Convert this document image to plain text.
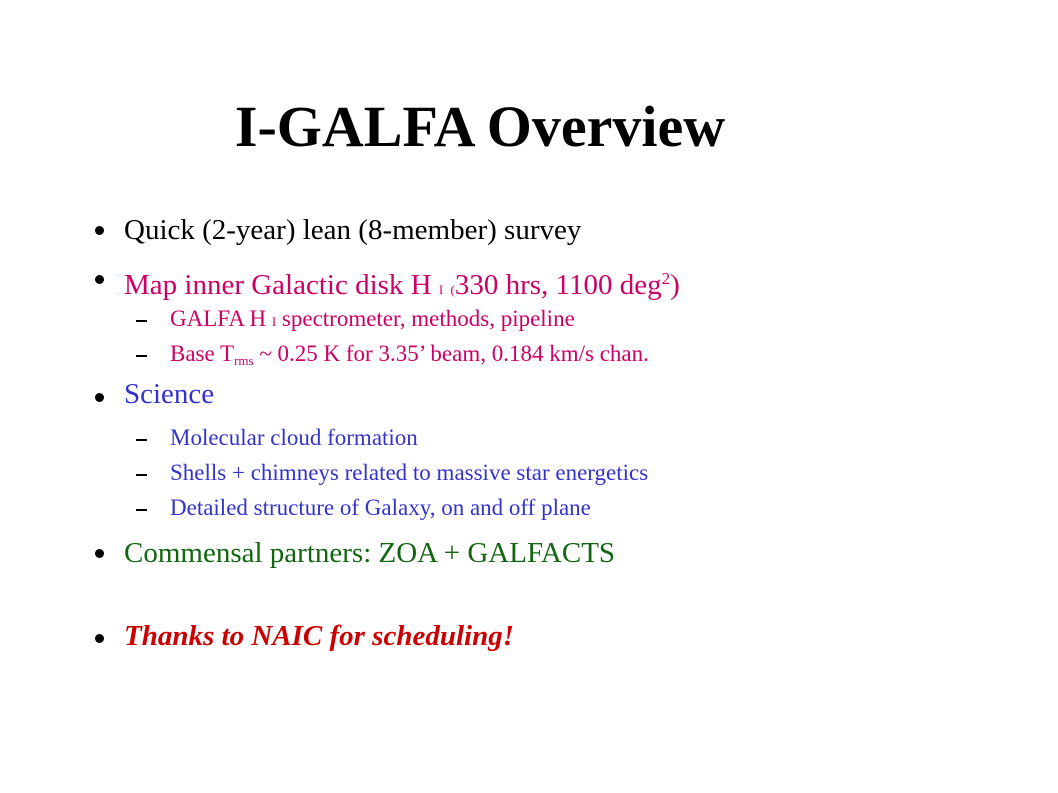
I-GALFA Overview
Quick (2-year) lean (8-member) survey
Map inner Galactic disk H I (330 hrs, 1100 deg$^2$)
GALFA H I spectrometer, methods, pipeline
Base $T_{rms}$ ~ 0.25 K for 3.35’ beam, 0.184 km/s chan.
Science
Molecular cloud formation
Shells + chimneys related to massive star energetics
Detailed structure of Galaxy, on and off plane
Commensal partners: ZOA + GALFACTS
Thanks to NAIC for scheduling!
